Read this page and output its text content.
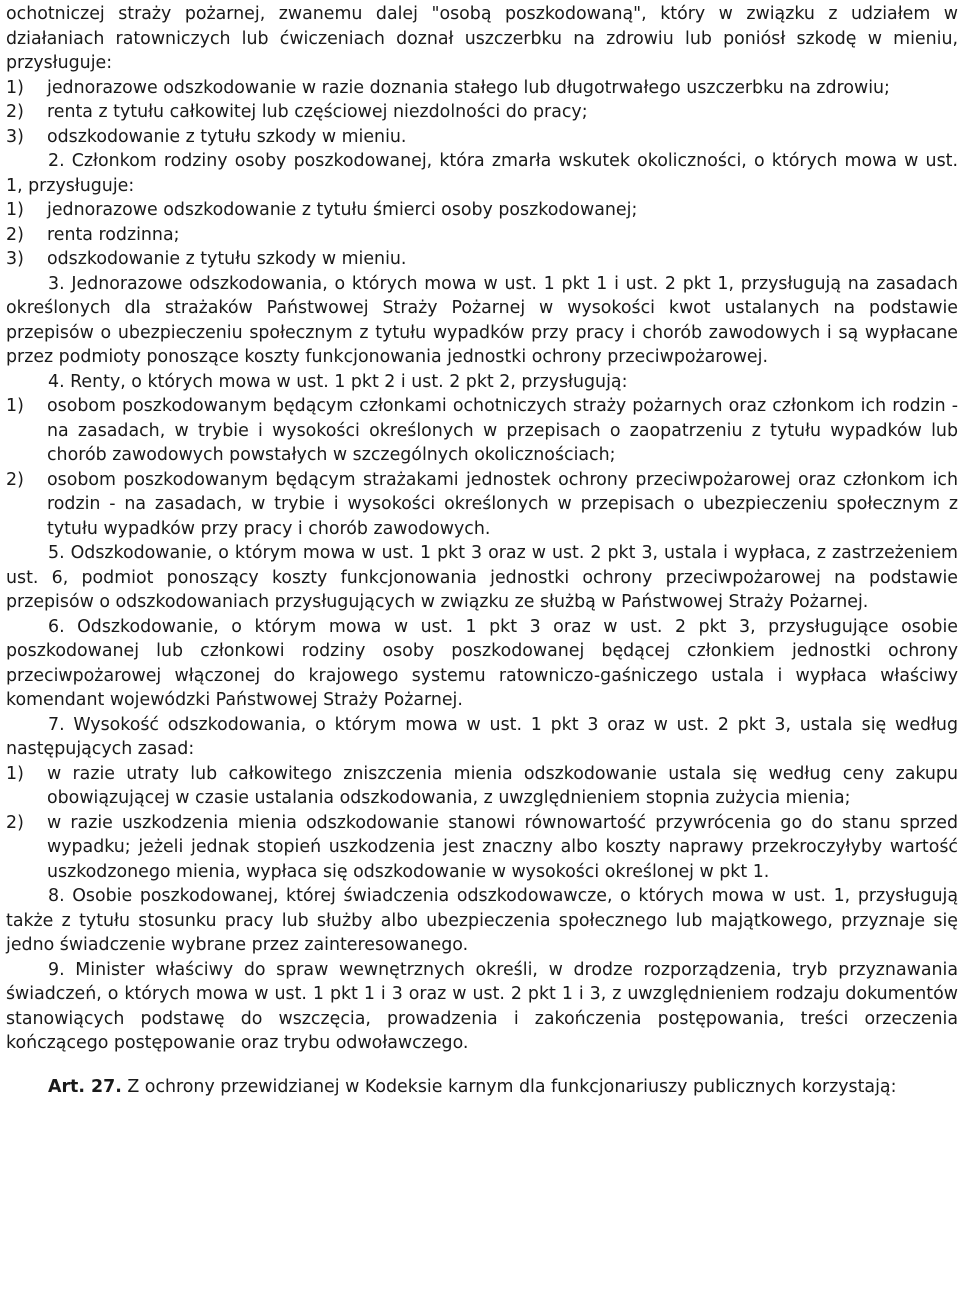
ochotniczej straży pożarnej, zwanemu dalej "osobą poszkodowaną", który w związku z udziałem w działaniach ratowniczych lub ćwiczeniach doznał uszczerbku na zdrowiu lub poniósł szkodę w mieniu, przysługuje:

1) jednorazowe odszkodowanie w razie doznania stałego lub długotrwałego uszczerbku na zdrowiu;

2) renta z tytułu całkowitej lub częściowej niezdolności do pracy;

3) odszkodowanie z tytułu szkody w mieniu.

2. Członkom rodziny osoby poszkodowanej, która zmarła wskutek okoliczności, o których mowa w ust. 1, przysługuje:

1) jednorazowe odszkodowanie z tytułu śmierci osoby poszkodowanej;

2) renta rodzinna;

3) odszkodowanie z tytułu szkody w mieniu.

3. Jednorazowe odszkodowania, o których mowa w ust. 1 pkt 1 i ust. 2 pkt 1, przysługują na zasadach określonych dla strażaków Państwowej Straży Pożarnej w wysokości kwot ustalanych na podstawie przepisów o ubezpieczeniu społecznym z tytułu wypadków przy pracy i chorób zawodowych i są wypłacane przez podmioty ponoszące koszty funkcjonowania jednostki ochrony przeciwpożarowej.

4. Renty, o których mowa w ust. 1 pkt 2 i ust. 2 pkt 2, przysługują:

1) osobom poszkodowanym będącym członkami ochotniczych straży pożarnych oraz członkom ich rodzin - na zasadach, w trybie i wysokości określonych w przepisach o zaopatrzeniu z tytułu wypadków lub chorób zawodowych powstałych w szczególnych okolicznościach;

2) osobom poszkodowanym będącym strażakami jednostek ochrony przeciwpożarowej oraz członkom ich rodzin - na zasadach, w trybie i wysokości określonych w przepisach o ubezpieczeniu społecznym z tytułu wypadków przy pracy i chorób zawodowych.

5. Odszkodowanie, o którym mowa w ust. 1 pkt 3 oraz w ust. 2 pkt 3, ustala i wypłaca, z zastrzeżeniem ust. 6, podmiot ponoszący koszty funkcjonowania jednostki ochrony przeciwpożarowej na podstawie przepisów o odszkodowaniach przysługujących w związku ze służbą w Państwowej Straży Pożarnej.

6. Odszkodowanie, o którym mowa w ust. 1 pkt 3 oraz w ust. 2 pkt 3, przysługujące osobie poszkodowanej lub członkowi rodziny osoby poszkodowanej będącej członkiem jednostki ochrony przeciwpożarowej włączonej do krajowego systemu ratowniczo-gaśniczego ustala i wypłaca właściwy komendant wojewódzki Państwowej Straży Pożarnej.

7. Wysokość odszkodowania, o którym mowa w ust. 1 pkt 3 oraz w ust. 2 pkt 3, ustala się według następujących zasad:

1) w razie utraty lub całkowitego zniszczenia mienia odszkodowanie ustala się według ceny zakupu obowiązującej w czasie ustalania odszkodowania, z uwzględnieniem stopnia zużycia mienia;

2) w razie uszkodzenia mienia odszkodowanie stanowi równowartość przywrócenia go do stanu sprzed wypadku; jeżeli jednak stopień uszkodzenia jest znaczny albo koszty naprawy przekroczyłyby wartość uszkodzonego mienia, wypłaca się odszkodowanie w wysokości określonej w pkt 1.

8. Osobie poszkodowanej, której świadczenia odszkodowawcze, o których mowa w ust. 1, przysługują także z tytułu stosunku pracy lub służby albo ubezpieczenia społecznego lub majątkowego, przyznaje się jedno świadczenie wybrane przez zainteresowanego.

9. Minister właściwy do spraw wewnętrznych określi, w drodze rozporządzenia, tryb przyznawania świadczeń, o których mowa w ust. 1 pkt 1 i 3 oraz w ust. 2 pkt 1 i 3, z uwzględnieniem rodzaju dokumentów stanowiących podstawę do wszczęcia, prowadzenia i zakończenia postępowania, treści orzeczenia kończącego postępowanie oraz trybu odwoławczego.

Art. 27. Z ochrony przewidzianej w Kodeksie karnym dla funkcjonariuszy publicznych korzystają:
